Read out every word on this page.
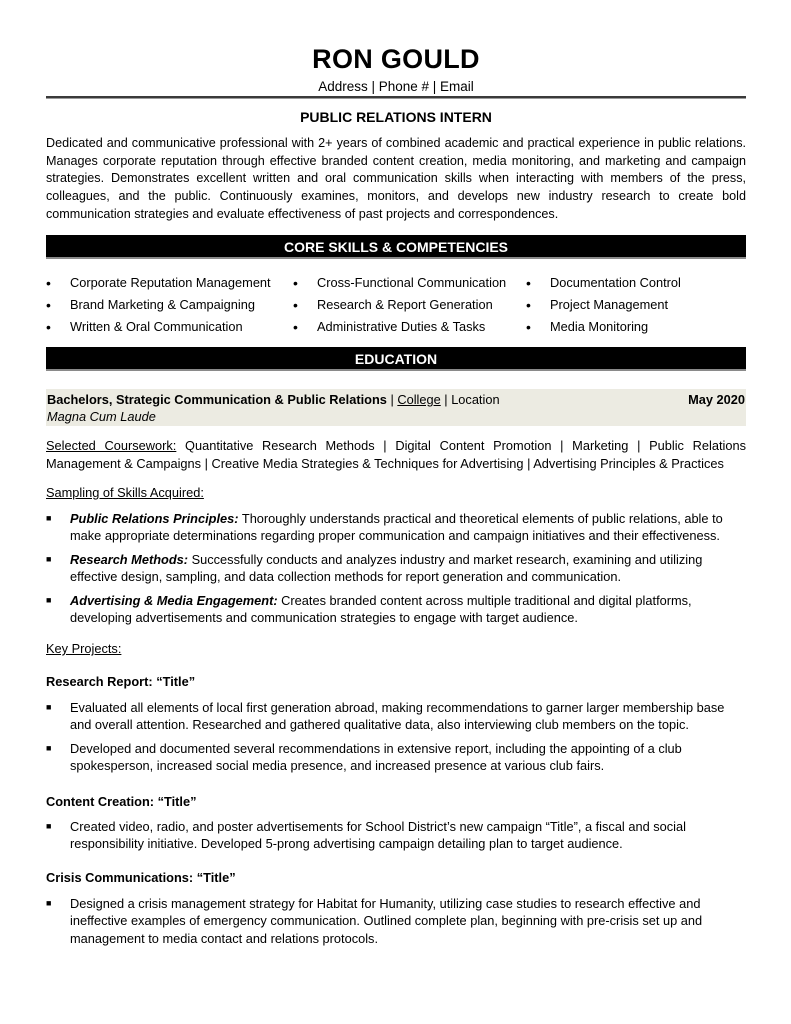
RON GOULD
Address | Phone # | Email
PUBLIC RELATIONS INTERN

Dedicated and communicative professional with 2+ years of combined academic and practical experience in public relations. Manages corporate reputation through effective branded content creation, media monitoring, and marketing and campaign strategies. Demonstrates excellent written and oral communication skills when interacting with members of the press, colleagues, and the public. Continuously examines, monitors, and develops new industry research to create bold communication strategies and evaluate effectiveness of past projects and correspondences.

CORE SKILLS & COMPETENCIES
•	Corporate Reputation Management •	Cross-Functional Communication •	Documentation Control
•	Brand Marketing & Campaigning	•	Research & Report Generation •	Project Management
•	Written & Oral Communication	•	Administrative Duties & Tasks	•	Media Monitoring
EDUCATION
Bachelors, Strategic Communication & Public Relations | College | Location	May 2020
Magna Cum Laude

Selected Coursework: Quantitative Research Methods | Digital Content Promotion | Marketing | Public Relations Management & Campaigns | Creative Media Strategies & Techniques for Advertising | Advertising Principles & Practices

Sampling of Skills Acquired:
■	Public Relations Principles: Thoroughly understands practical and theoretical elements of public relations, able to make appropriate determinations regarding proper communication and campaign initiatives and their effectiveness.
■	Research Methods: Successfully conducts and analyzes industry and market research, examining and utilizing effective design, sampling, and data collection methods for report generation and communication.
■	Advertising & Media Engagement: Creates branded content across multiple traditional and digital platforms, developing advertisements and communication strategies to engage with target audience.
Key Projects:
Research Report: “Title”
■	Evaluated all elements of local first generation abroad, making recommendations to garner larger membership base and overall attention. Researched and gathered qualitative data, also interviewing club members on the topic.
■	Developed and documented several recommendations in extensive report, including the appointing of a club spokesperson, increased social media presence, and increased presence at various club fairs.
Content Creation: “Title”
■	Created video, radio, and poster advertisements for School District’s new campaign “Title”, a fiscal and social responsibility initiative. Developed 5-prong advertising campaign detailing plan to target audience.
Crisis Communications: “Title”
■	Designed a crisis management strategy for Habitat for Humanity, utilizing case studies to research effective and ineffective examples of emergency communication. Outlined complete plan, beginning with pre-crisis set up and management to media contact and relations protocols.
